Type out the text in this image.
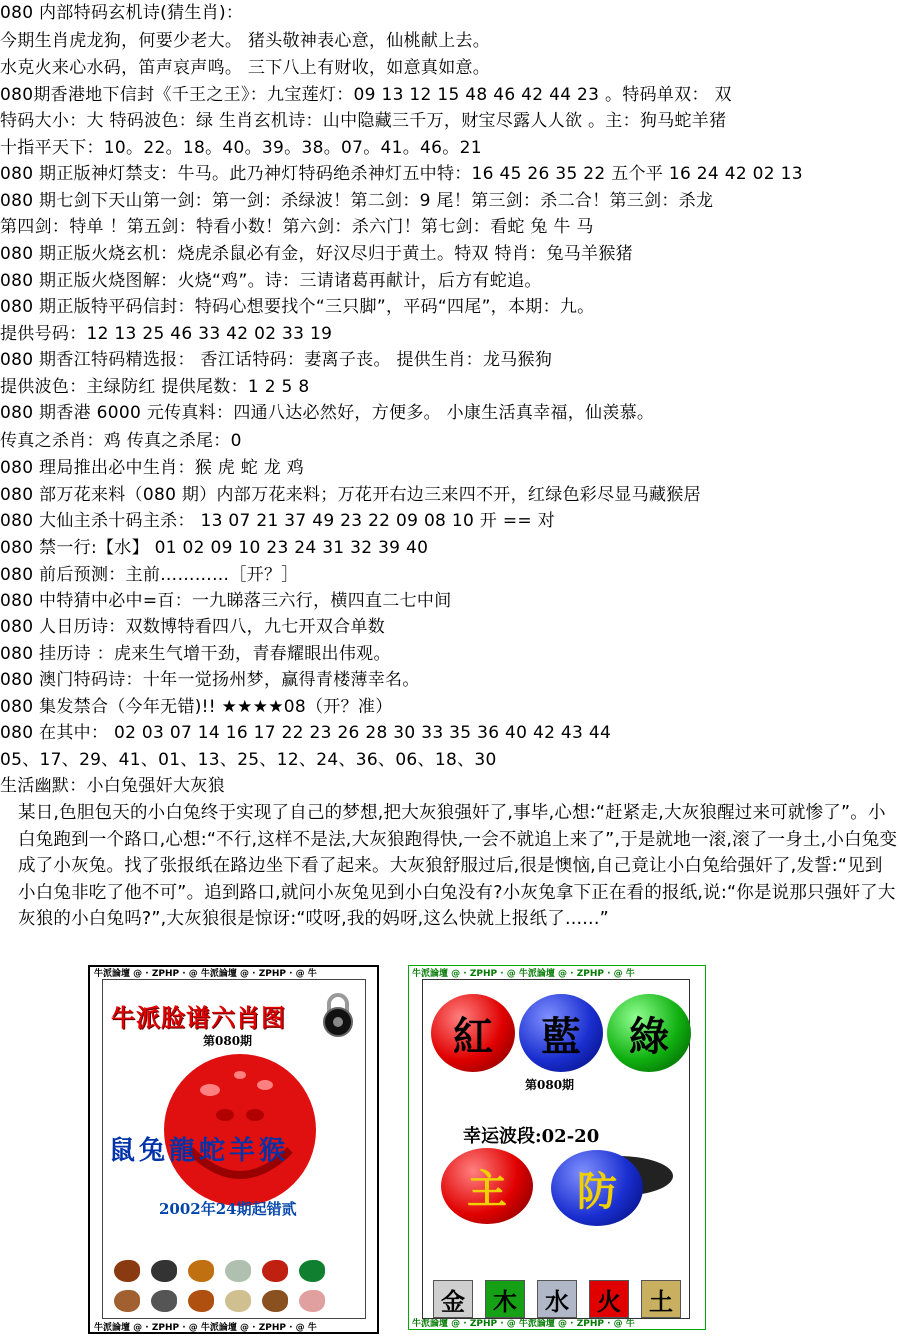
080 内部特码玄机诗(猜生肖)：
今期生肖虎龙狗，何要少老大。 猪头敬神表心意，仙桃献上去。
水克火来心水码，笛声哀声鸣。 三下八上有财收，如意真如意。
080期香港地下信封《千王之王》：九宝莲灯：09 13 12 15 48 46 42 44 23 。特码单双： 双
特码大小：大 特码波色：绿 生肖玄机诗：山中隐藏三千万，财宝尽露人人欲 。主：狗马蛇羊猪
十指平天下：10。22。18。40。39。38。07。41。46。21
080 期正版神灯禁支：牛马。此乃神灯特码绝杀神灯五中特：16 45 26 35 22 五个平 16 24 42 02 13
080 期七剑下天山第一剑：第一剑：杀绿波！第二剑：9 尾！第三剑：杀二合！第三剑：杀龙
第四剑：特单 ！第五剑：特看小数！第六剑：杀六门！第七剑：看蛇 兔 牛 马
080 期正版火烧玄机：烧虎杀鼠必有金，好汉尽归于黄土。特双 特肖：兔马羊猴猪
080 期正版火烧图解：火烧“鸡”。诗：三请诸葛再献计，后方有蛇追。
080 期正版特平码信封：特码心想要找个“三只脚”，平码“四尾”，本期：九。
提供号码：12 13 25 46 33 42 02 33 19
080 期香江特码精选报： 香江话特码：妻离子丧。 提供生肖：龙马猴狗
提供波色：主绿防红 提供尾数：1 2 5 8
080 期香港 6000 元传真料：四通八达必然好，方便多。 小康生活真幸福，仙羡慕。
传真之杀肖：鸡 传真之杀尾：0
080 理局推出必中生肖：猴 虎 蛇 龙 鸡
080 部万花来料（080 期）内部万花来料；万花开右边三来四不开，红绿色彩尽显马藏猴居
080 大仙主杀十码主杀： 13 07 21 37 49 23 22 09 08 10 开 == 对
080 禁一行:【水】 01 02 09 10 23 24 31 32 39 40
080 前后预测：主前…………［开？］
080 中特猜中必中=百：一九睇落三六行，横四直二七中间
080 人日历诗：双数博特看四八，九七开双合单数
080 挂历诗 ：虎来生气增干劲，青春耀眼出伟观。
080 澳门特码诗：十年一觉扬州梦，赢得青楼薄幸名。
080 集发禁合（今年无错)!! ★★★★08（开？准）
080 在其中： 02 03 07 14 16 17 22 23 26 28 30 33 35 36 40 42 43 44
05、17、29、41、01、13、25、12、24、36、06、18、30
生活幽默：小白兔强奸大灰狼

某日,色胆包天的小白兔终于实现了自己的梦想,把大灰狼强奸了,事毕,心想:“赶紧走,大灰狼醒过来可就惨了”。小白兔跑到一个路口,心想:“不行,这样不是法,大灰狼跑得快,一会不就追上来了”,于是就地一滚,滚了一身土,小白兔变成了小灰兔。找了张报纸在路边坐下看了起来。大灰狼舒服过后,很是懊恼,自己竟让小白兔给强奸了,发誓:“见到小白兔非吃了他不可”。追到路口,就问小灰兔见到小白兔没有?小灰兔拿下正在看的报纸,说:“你是说那只强奸了大灰狼的小白兔吗?”,大灰狼很是惊讶:“哎呀,我的妈呀,这么快就上报纸了......”

牛派論壇 @ · ZPHP · @ 牛派論壇 @ · ZPHP · @ 牛
牛派論壇 @ · ZPHP · @ 牛派論壇 @ · ZPHP · @ 牛
牛派脸谱六肖图
第080期
鼠兔龍蛇羊猴
2002年24期起错贰

牛派論壇 @ · ZPHP · @ 牛派論壇 @ · ZPHP · @ 牛
牛派論壇 @ · ZPHP · @ 牛派論壇 @ · ZPHP · @ 牛
紅	藍	綠
第080期
幸运波段:02-20
主	防
金	木	水	火	土
